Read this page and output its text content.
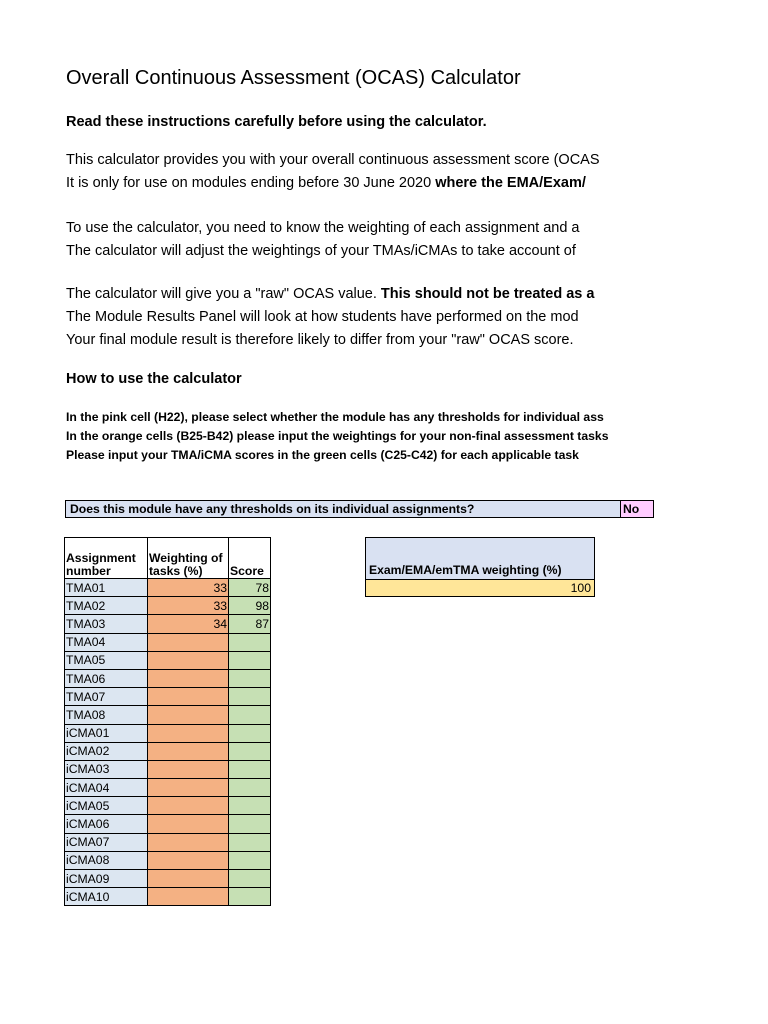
Overall Continuous Assessment (OCAS) Calculator
Read these instructions carefully before using the calculator.
This calculator provides you with your overall continuous assessment score (OCAS
It is only for use on modules ending before 30 June 2020 where the EMA/Exam/
To use the calculator, you need to know the weighting of each assignment and a
The calculator will adjust the weightings of your TMAs/iCMAs to take account of
The calculator will give you a "raw" OCAS value. This should not be treated as a
The Module Results Panel will look at how students have performed on the mod
Your final module result is therefore likely to differ from your "raw" OCAS score.
How to use the calculator
In the pink cell (H22), please select whether the module has any thresholds for individual ass
In the orange cells (B25-B42) please input the weightings for your non-final assessment tasks
Please input your TMA/iCMA scores in the green cells (C25-C42) for each applicable task
Does this module have any thresholds on its individual assignments?	No
Assignment number	Weighting of tasks (%)	Score
TMA01	33	78
TMA02	33	98
TMA03	34	87
TMA04		
TMA05		
TMA06		
TMA07		
TMA08		
iCMA01		
iCMA02		
iCMA03		
iCMA04		
iCMA05		
iCMA06		
iCMA07		
iCMA08		
iCMA09		
iCMA10		
Exam/EMA/emTMA weighting (%)
100
